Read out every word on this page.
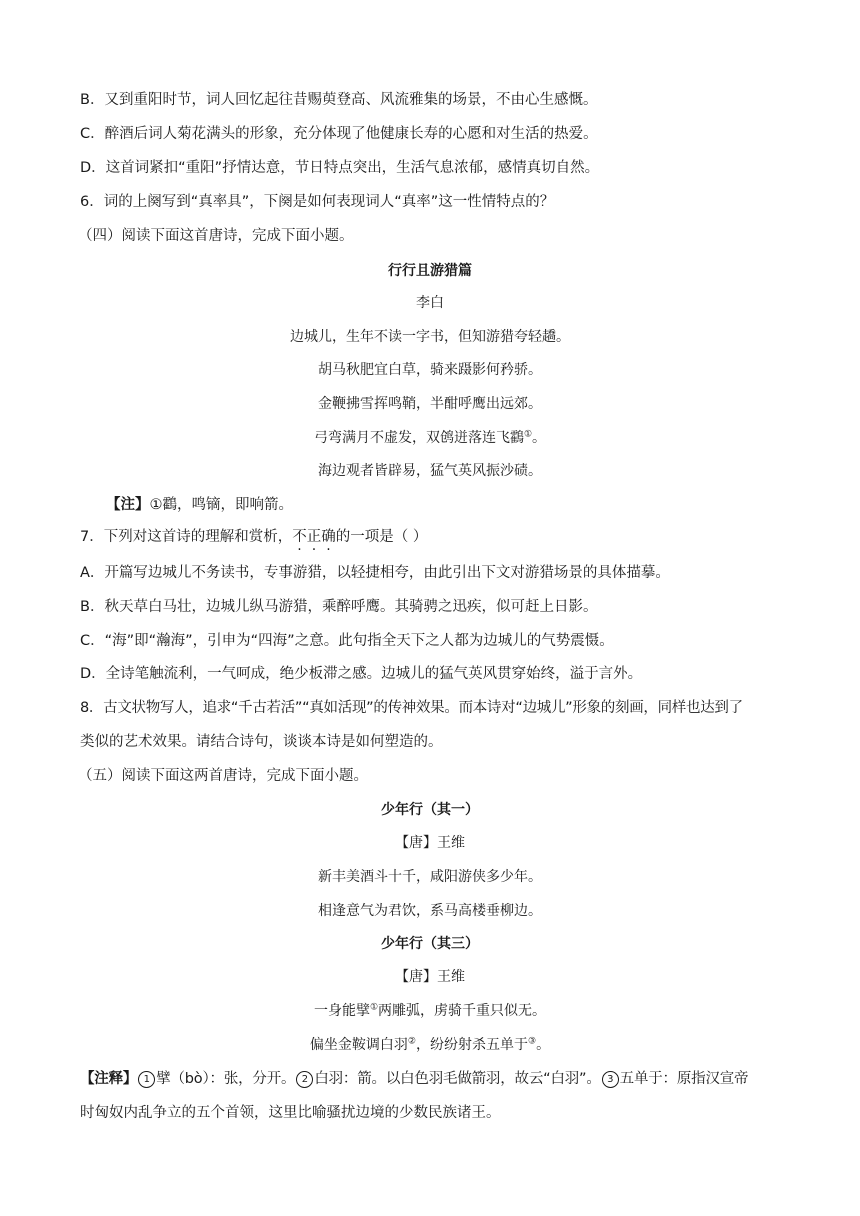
B．又到重阳时节，词人回忆起往昔赐萸登高、风流雅集的场景，不由心生感慨。
C．醉酒后词人菊花满头的形象，充分体现了他健康长寿的心愿和对生活的热爱。
D．这首词紧扣“重阳”抒情达意，节日特点突出，生活气息浓郁，感情真切自然。
6．词的上阕写到“真率具”，下阕是如何表现词人“真率”这一性情特点的？
（四）阅读下面这首唐诗，完成下面小题。
行行且游猎篇
李白
边城儿，生年不读一字书，但知游猎夸轻趫。
胡马秋肥宜白草，骑来蹑影何矜骄。
金鞭拂雪挥鸣鞘，半酣呼鹰出远郊。
弓弯满月不虚发，双鸧迸落连飞鸖①。
海边观者皆辟易，猛气英风振沙碛。
【注】①鸖，鸣镝，即响箭。
7．下列对这首诗的理解和赏析，不正确的一项是（ ）
A．开篇写边城儿不务读书，专事游猎，以轻捷相夸，由此引出下文对游猎场景的具体描摹。
B．秋天草白马壮，边城儿纵马游猎，乘醉呼鹰。其骑骋之迅疾，似可赶上日影。
C．“海”即“瀚海”，引申为“四海”之意。此句指全天下之人都为边城儿的气势震慑。
D．全诗笔触流利，一气呵成，绝少板滞之感。边城儿的猛气英风贯穿始终，溢于言外。
8．古文状物写人，追求“千古若活”“真如活现”的传神效果。而本诗对“边城儿”形象的刻画，同样也达到了
类似的艺术效果。请结合诗句，谈谈本诗是如何塑造的。
（五）阅读下面这两首唐诗，完成下面小题。
少年行（其一）
【唐】王维
新丰美酒斗十千，咸阳游侠多少年。
相逢意气为君饮，系马高楼垂柳边。
少年行（其三）
【唐】王维
一身能擘①两雕弧，虏骑千重只似无。
偏坐金鞍调白羽②，纷纷射杀五单于③。
【注释】 1 擘（bò）：张，分开。 2 白羽：箭。以白色羽毛做箭羽，故云“白羽”。 3 五单于：原指汉宣帝
时匈奴内乱争立的五个首领，这里比喻骚扰边境的少数民族诸王。
